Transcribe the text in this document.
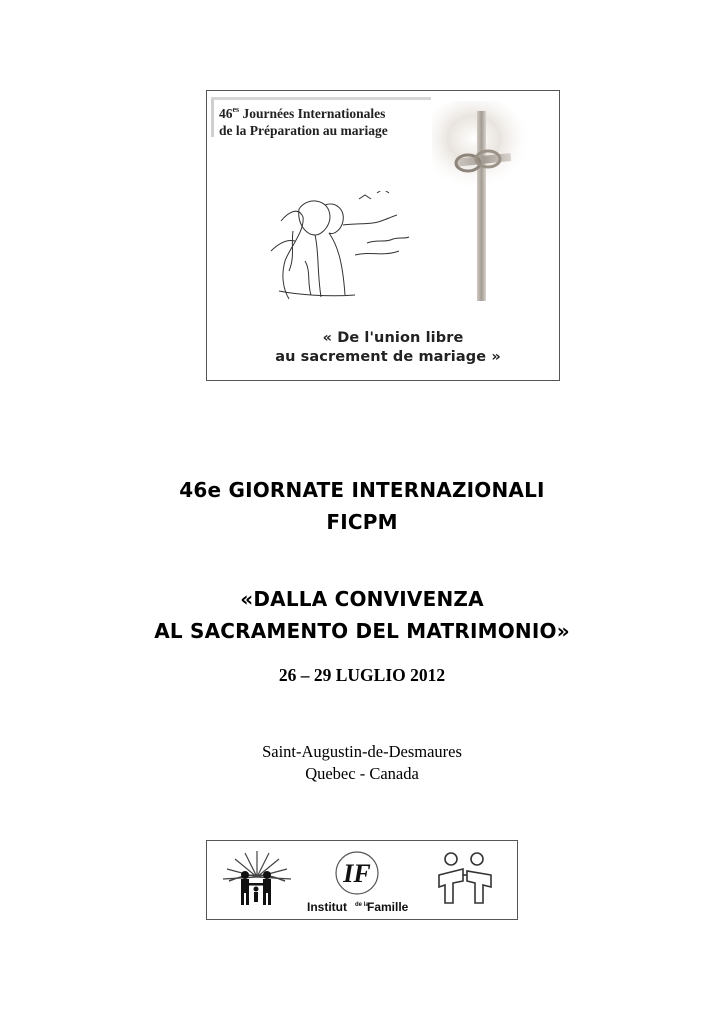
$46^{es}$ Journées Internationales
de la Préparation au mariage
« De l'union libre
au sacrement de mariage »
46e GIORNATE INTERNAZIONALI
FICPM
«DALLA CONVIVENZA
AL SACRAMENTO DEL MATRIMONIO»
26 – 29 LUGLIO 2012
Saint-Augustin-de-Desmaures
Quebec - Canada
IF
Institut de la
Famille
